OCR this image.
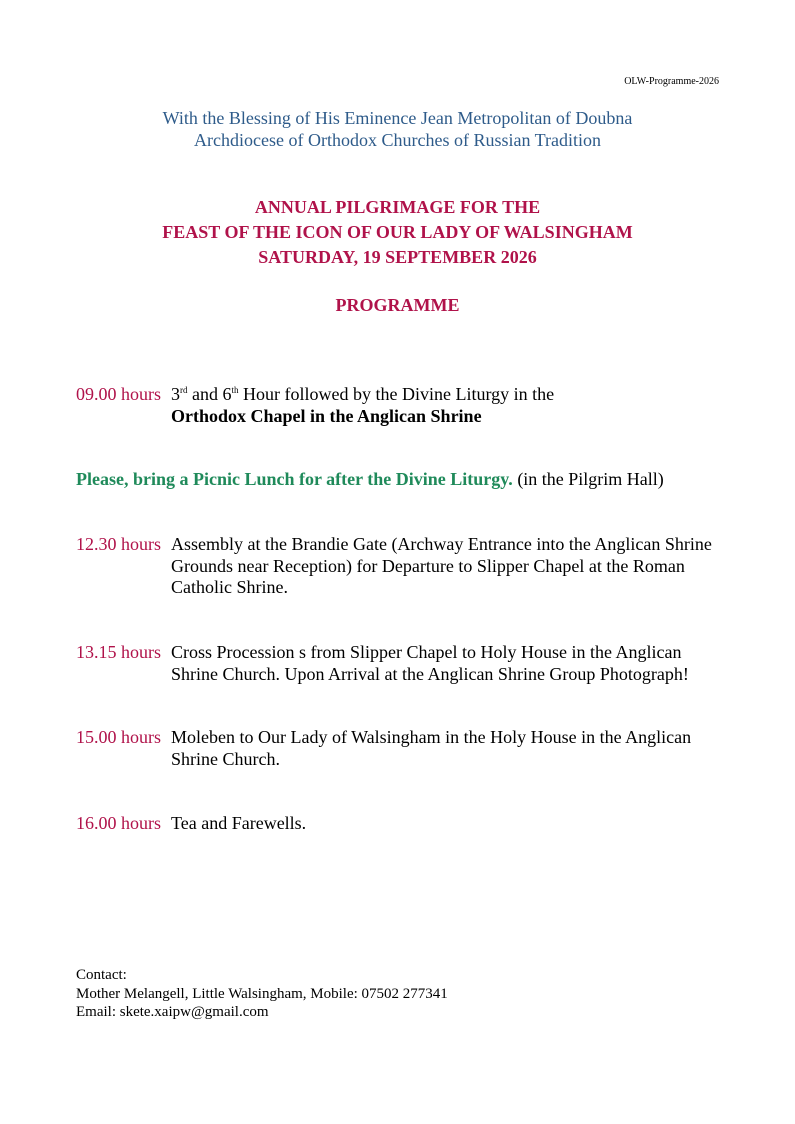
OLW-Programme-2026
With the Blessing of His Eminence Jean Metropolitan of Doubna
Archdiocese of Orthodox Churches of Russian Tradition
ANNUAL PILGRIMAGE FOR THE
FEAST OF THE ICON OF OUR LADY OF WALSINGHAM
SATURDAY, 19 SEPTEMBER 2026
PROGRAMME
09.00 hours 3rd and 6th Hour followed by the Divine Liturgy in the
Orthodox Chapel in the Anglican Shrine
Please, bring a Picnic Lunch for after the Divine Liturgy. (in the Pilgrim Hall)
12.30 hours Assembly at the Brandie Gate (Archway Entrance into the Anglican Shrine Grounds near Reception) for Departure to Slipper Chapel at the Roman Catholic Shrine.
13.15 hours Cross Procession s from Slipper Chapel to Holy House in the Anglican Shrine Church. Upon Arrival at the Anglican Shrine Group Photograph!
15.00 hours Moleben to Our Lady of Walsingham in the Holy House in the Anglican Shrine Church.
16.00 hours Tea and Farewells.
Contact:
Mother Melangell, Little Walsingham, Mobile: 07502 277341
Email: skete.xaipw@gmail.com
